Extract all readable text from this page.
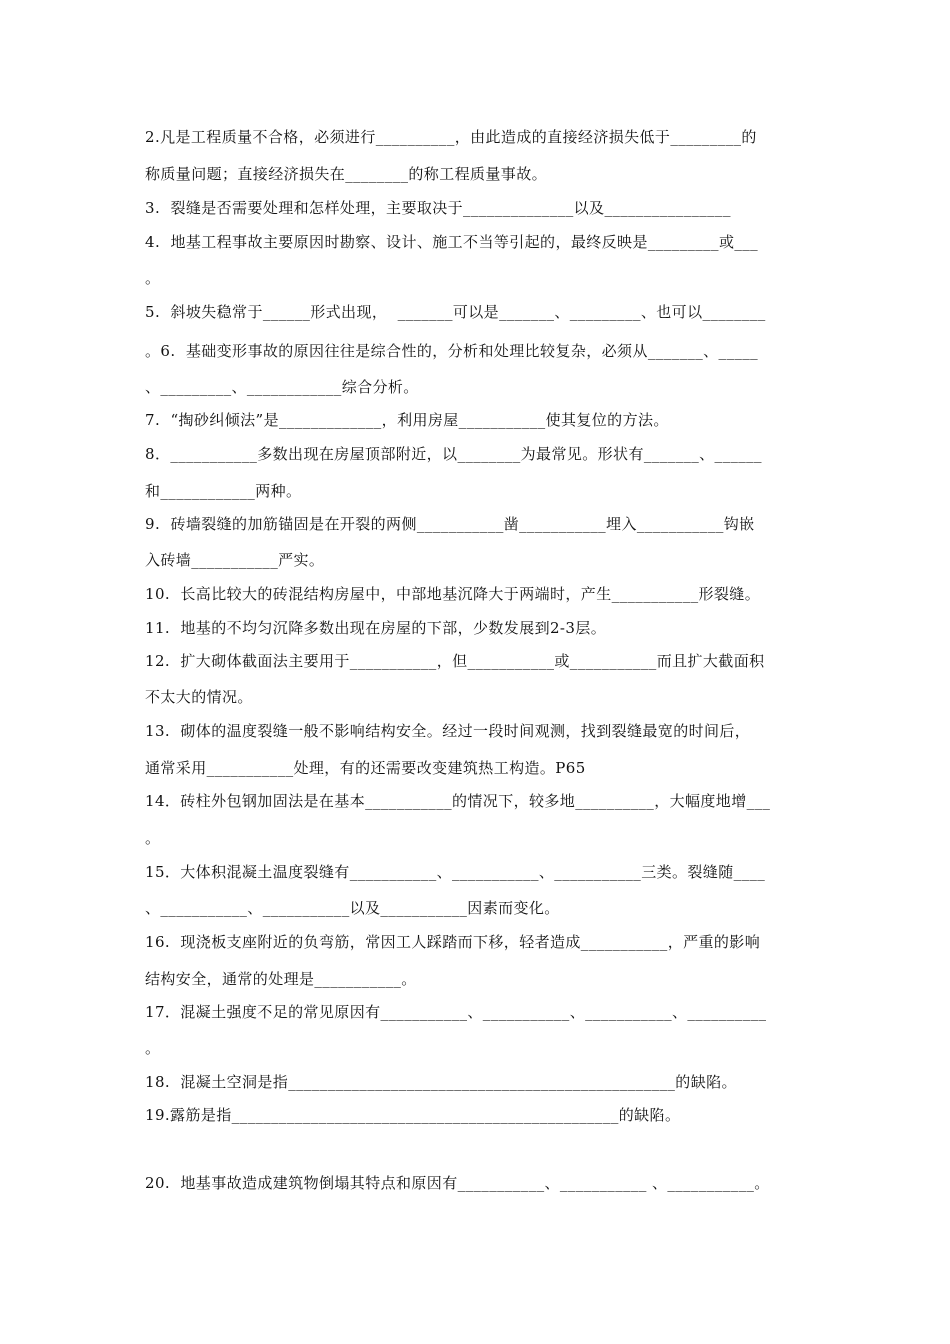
2.凡是工程质量不合格，必须进行__________，由此造成的直接经济损失低于_________的
称质量问题；直接经济损失在________的称工程质量事故。
3.  裂缝是否需要处理和怎样处理，主要取决于______________以及________________
4.  地基工程事故主要原因时勘察、设计、施工不当等引起的，最终反映是_________或___
。
5.  斜坡失稳常于______形式出现，  _______可以是_______、_________、也可以________
。6.  基础变形事故的原因往往是综合性的，分析和处理比较复杂，必须从_______、_____
、_________、____________综合分析。
7.  “掏砂纠倾法”是_____________，利用房屋___________使其复位的方法。
8．___________多数出现在房屋顶部附近，以________为最常见。形状有_______、______
和____________两种。
9.  砖墙裂缝的加筋锚固是在开裂的两侧___________凿___________埋入___________钩嵌
入砖墙___________严实。
10.  长高比较大的砖混结构房屋中，中部地基沉降大于两端时，产生___________形裂缝。
11.  地基的不均匀沉降多数出现在房屋的下部，少数发展到2-3层。
12.  扩大砌体截面法主要用于___________，但___________或___________而且扩大截面积
不太大的情况。
13.  砌体的温度裂缝一般不影响结构安全。经过一段时间观测，找到裂缝最宽的时间后，
通常采用___________处理，有的还需要改变建筑热工构造。P65
14．砖柱外包钢加固法是在基本___________的情况下，较多地__________，大幅度地增___
。
15．大体积混凝土温度裂缝有___________、___________、___________三类。裂缝随____
、___________、___________以及___________因素而变化。
16.  现浇板支座附近的负弯筋，常因工人踩踏而下移，轻者造成___________，严重的影响
结构安全，通常的处理是___________。
17．混凝土强度不足的常见原因有___________、___________、___________、__________
。
18.  混凝土空洞是指_________________________________________________的缺陷。
19.露筋是指_________________________________________________的缺陷。
20.  地基事故造成建筑物倒塌其特点和原因有___________、___________ 、___________。
